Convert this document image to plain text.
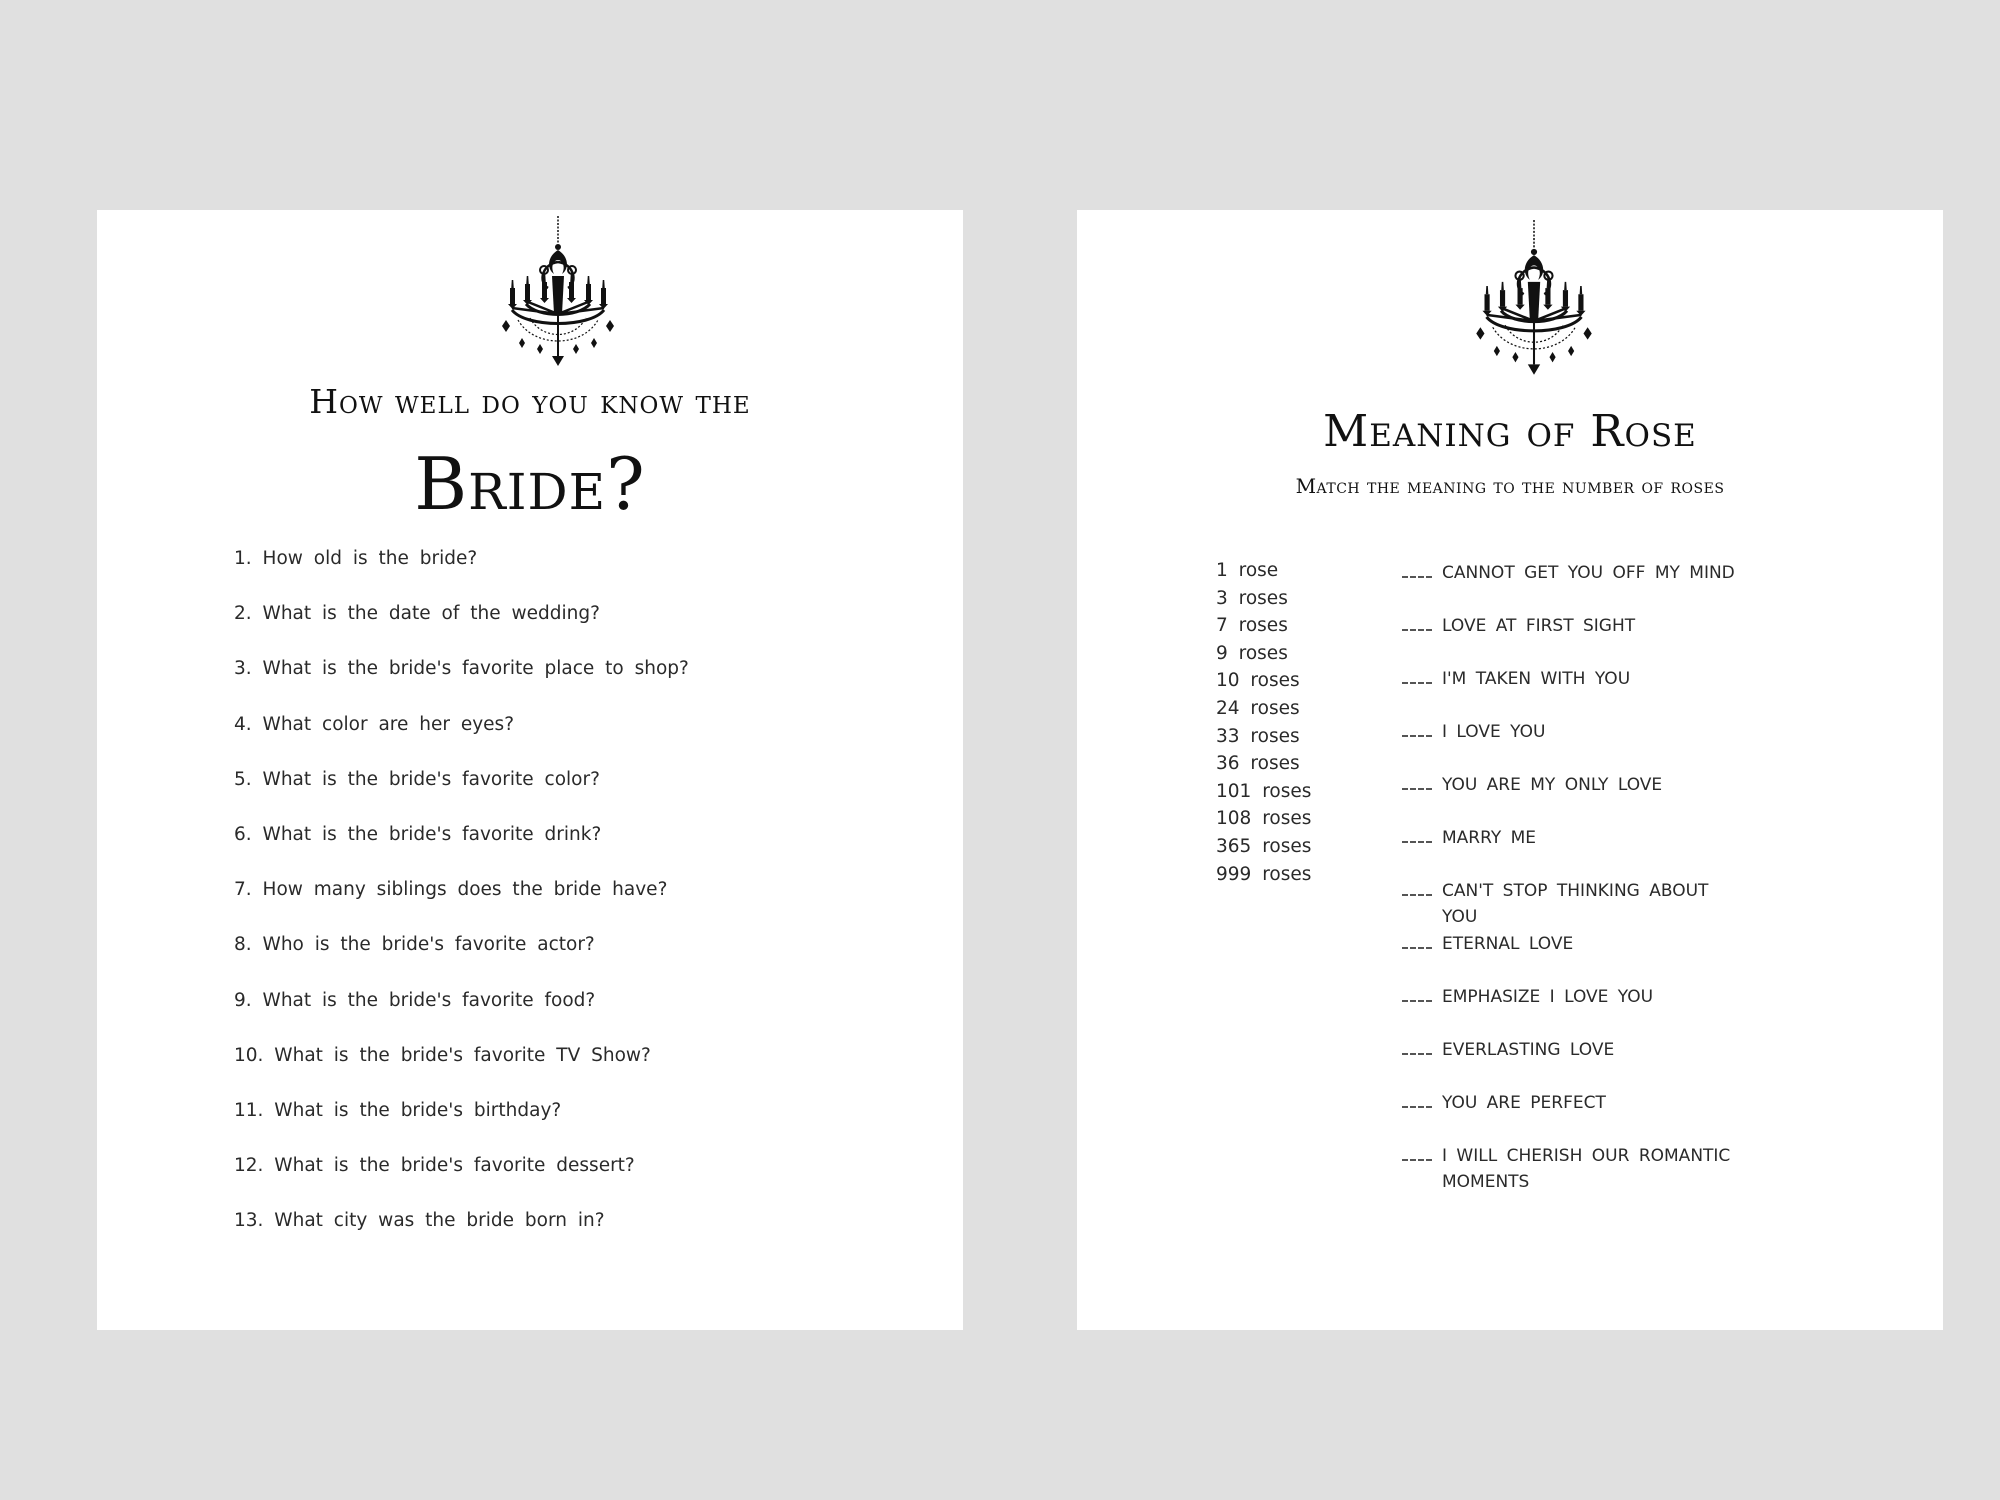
How well do you know the
Bride?
1. How old is the bride?
2. What is the date of the wedding?
3. What is the bride's favorite place to shop?
4. What color are her eyes?
5. What is the bride's favorite color?
6. What is the bride's favorite drink?
7. How many siblings does the bride have?
8. Who is the bride's favorite actor?
9. What is the bride's favorite food?
10. What is the bride's favorite TV Show?
11. What is the bride's birthday?
12. What is the bride's favorite dessert?
13. What city was the bride born in?
Meaning of Rose
Match the meaning to the number of roses
1 rose
3 roses
7 roses
9 roses
10 roses
24 roses
33 roses
36 roses
101 roses
108 roses
365 roses
999 roses
CANNOT GET YOU OFF MY MIND
LOVE AT FIRST SIGHT
I'M TAKEN WITH YOU
I LOVE YOU
YOU ARE MY ONLY LOVE
MARRY ME
CAN'T STOP THINKING ABOUT YOU
ETERNAL LOVE
EMPHASIZE I LOVE YOU
EVERLASTING LOVE
YOU ARE PERFECT
I WILL CHERISH OUR ROMANTIC MOMENTS
